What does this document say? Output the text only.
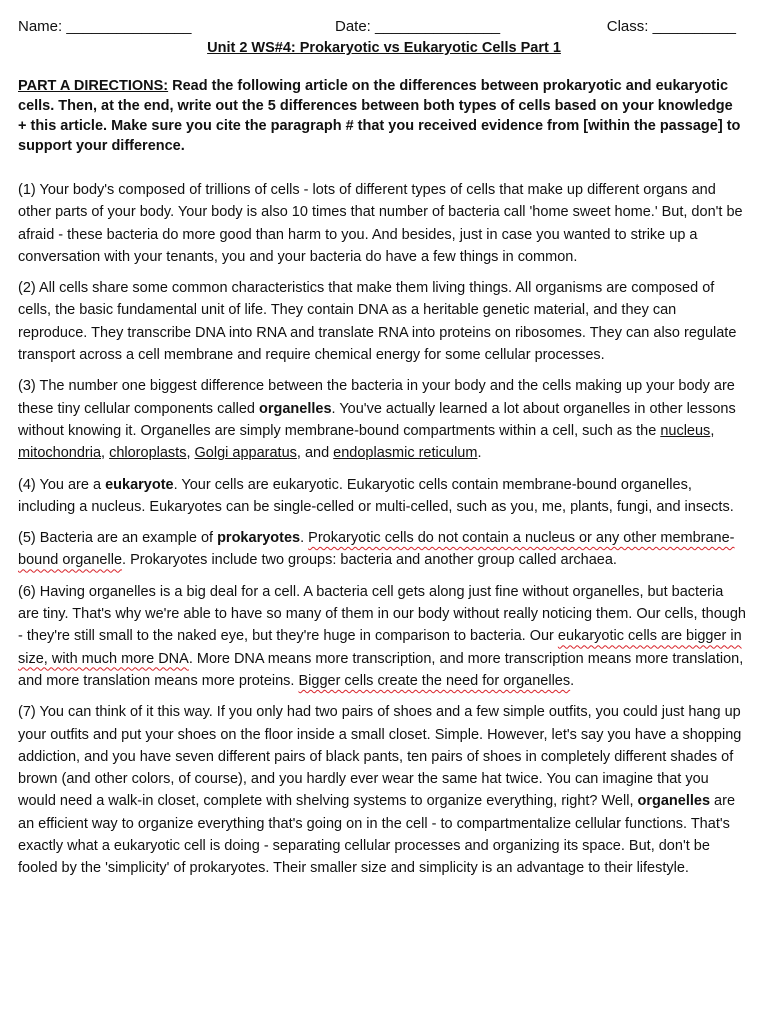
Name: _______________	Date: _______________	Class: __________
Unit 2 WS#4: Prokaryotic vs Eukaryotic Cells Part 1
PART A DIRECTIONS: Read the following article on the differences between prokaryotic and eukaryotic cells. Then, at the end, write out the 5 differences between both types of cells based on your knowledge + this article. Make sure you cite the paragraph # that you received evidence from [within the passage] to support your difference.

(1) Your body's composed of trillions of cells - lots of different types of cells that make up different organs and other parts of your body. Your body is also 10 times that number of bacteria call 'home sweet home.' But, don't be afraid - these bacteria do more good than harm to you. And besides, just in case you wanted to strike up a conversation with your tenants, you and your bacteria do have a few things in common.

(2) All cells share some common characteristics that make them living things. All organisms are composed of cells, the basic fundamental unit of life. They contain DNA as a heritable genetic material, and they can reproduce. They transcribe DNA into RNA and translate RNA into proteins on ribosomes. They can also regulate transport across a cell membrane and require chemical energy for some cellular processes.

(3) The number one biggest difference between the bacteria in your body and the cells making up your body are these tiny cellular components called organelles. You've actually learned a lot about organelles in other lessons without knowing it. Organelles are simply membrane-bound compartments within a cell, such as the nucleus, mitochondria, chloroplasts, Golgi apparatus, and endoplasmic reticulum.

(4) You are a eukaryote. Your cells are eukaryotic. Eukaryotic cells contain membrane-bound organelles, including a nucleus. Eukaryotes can be single-celled or multi-celled, such as you, me, plants, fungi, and insects.

(5) Bacteria are an example of prokaryotes. Prokaryotic cells do not contain a nucleus or any other membrane-bound organelle. Prokaryotes include two groups: bacteria and another group called archaea.

(6) Having organelles is a big deal for a cell. A bacteria cell gets along just fine without organelles, but bacteria are tiny. That's why we're able to have so many of them in our body without really noticing them. Our cells, though - they're still small to the naked eye, but they're huge in comparison to bacteria. Our eukaryotic cells are bigger in size, with much more DNA. More DNA means more transcription, and more transcription means more translation, and more translation means more proteins. Bigger cells create the need for organelles.

(7) You can think of it this way. If you only had two pairs of shoes and a few simple outfits, you could just hang up your outfits and put your shoes on the floor inside a small closet. Simple. However, let's say you have a shopping addiction, and you have seven different pairs of black pants, ten pairs of shoes in completely different shades of brown (and other colors, of course), and you hardly ever wear the same hat twice. You can imagine that you would need a walk-in closet, complete with shelving systems to organize everything, right? Well, organelles are an efficient way to organize everything that's going on in the cell - to compartmentalize cellular functions. That's exactly what a eukaryotic cell is doing - separating cellular processes and organizing its space. But, don't be fooled by the 'simplicity' of prokaryotes. Their smaller size and simplicity is an advantage to their lifestyle.
